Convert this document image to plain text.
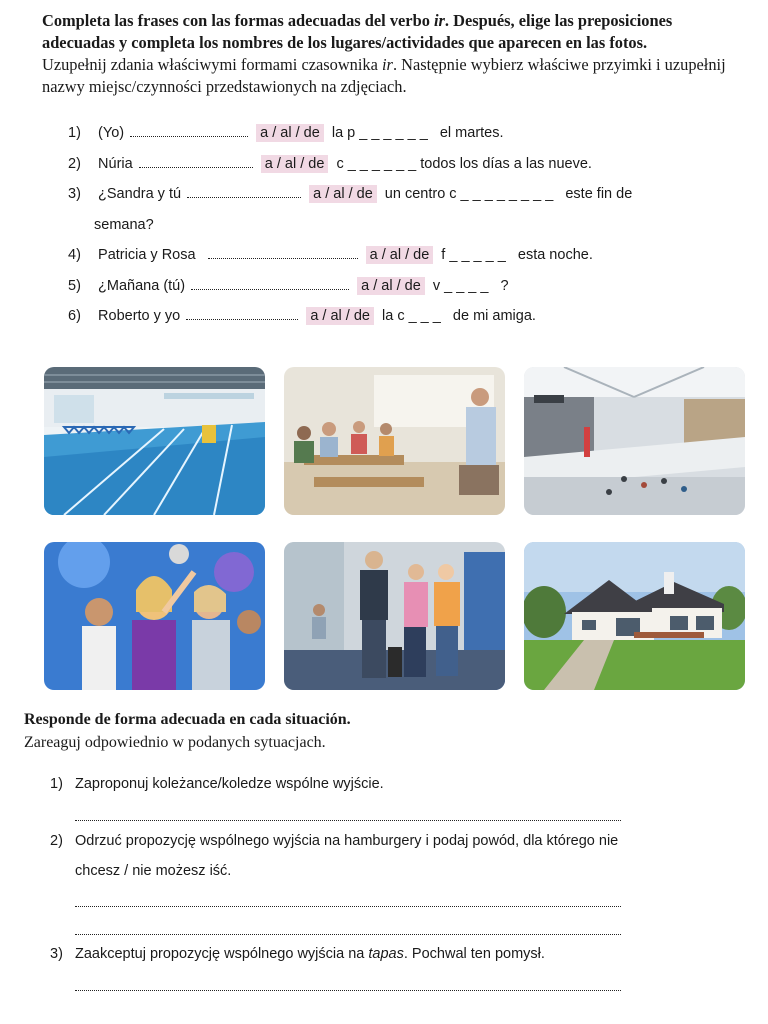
Completa las frases con las formas adecuadas del verbo ir. Después, elige las preposiciones adecuadas y completa los nombres de los lugares/actividades que aparecen en las fotos.

Uzupełnij zdania właściwymi formami czasownika ir. Następnie wybierz właściwe przyimki i uzupełnij nazwy miejsc/czynności przedstawionych na zdjęciach.

1) (Yo)	a / al / de la p _ _ _ _ _ _   el martes.
2) Núria	a / al / de c _ _ _ _ _ _ todos los días a las nueve.
3) ¿Sandra y tú	a / al / de un centro c _ _ _ _ _ _ _ _   este fin de
semana?
4) Patricia y Rosa	a / al / de f _ _ _ _ _   esta noche.
5) ¿Mañana (tú)	a / al / de v _ _ _ _   ?
6) Roberto y yo	a / al / de la c _ _ _   de mi amiga.
Responde de forma adecuada en cada situación.
Zareaguj odpowiednio w podanych sytuacjach.
1) Zaproponuj koleżance/koledze wspólne wyjście.
2) Odrzuć propozycję wspólnego wyjścia na hamburgery i podaj powód, dla którego nie
chcesz / nie możesz iść.
3) Zaakceptuj propozycję wspólnego wyjścia na tapas. Pochwal ten pomysł.
